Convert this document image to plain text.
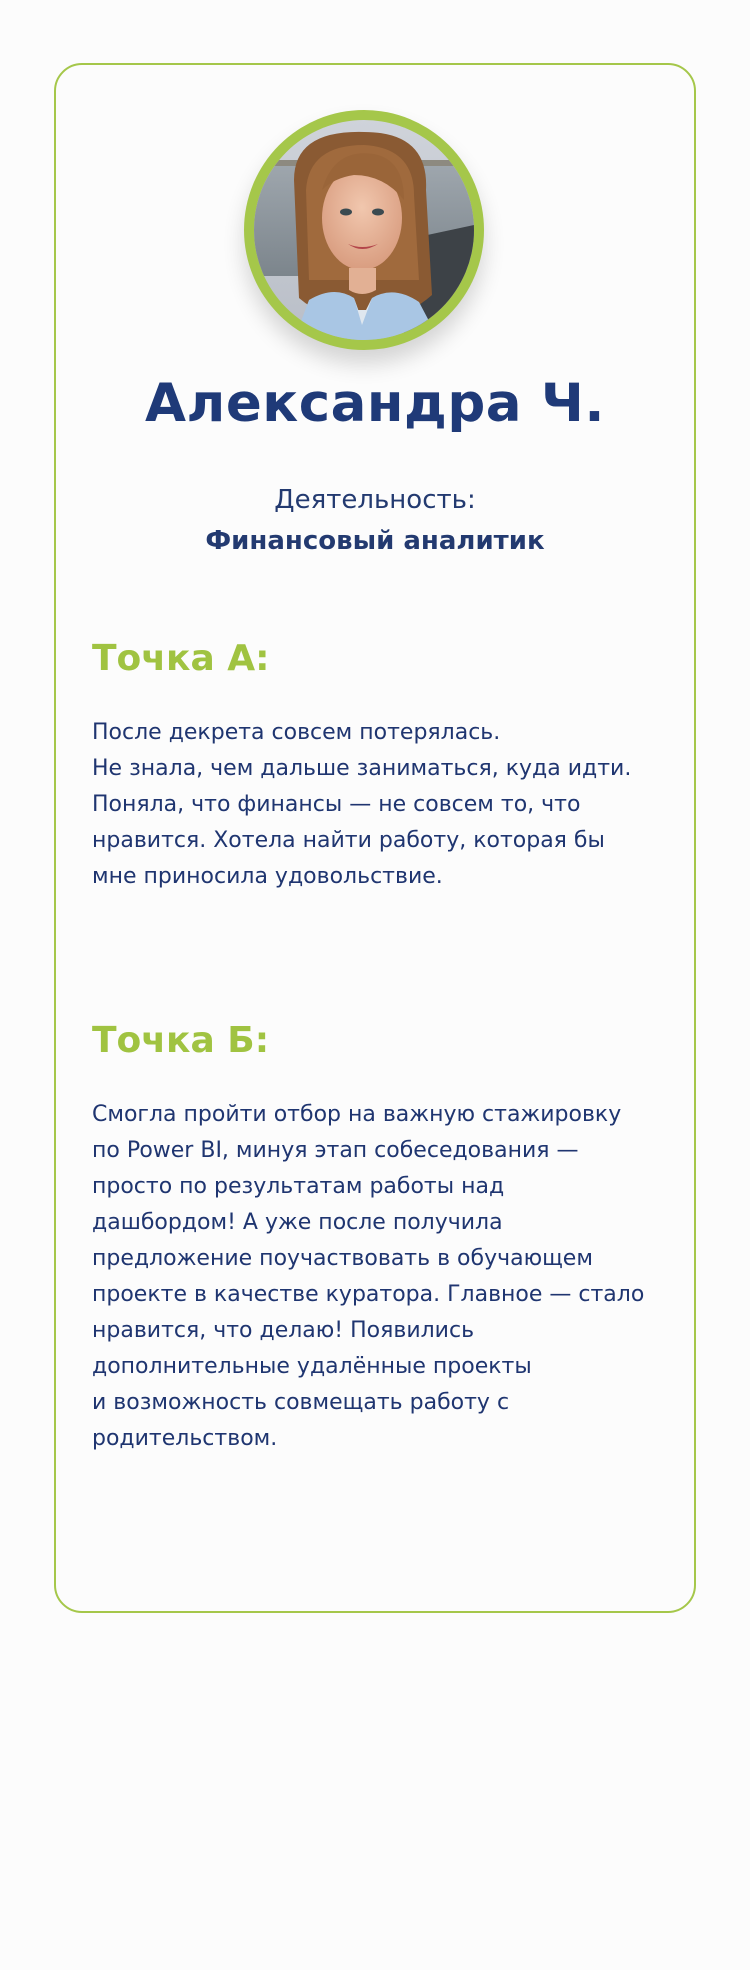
Александра Ч.
Деятельность:
Финансовый аналитик
Точка А:

После декрета совсем потерялась.
Не знала, чем дальше заниматься, куда идти.
Поняла, что финансы — не совсем то, что
нравится. Хотела найти работу, которая бы
мне приносила удовольствие.

Точка Б:

Смогла пройти отбор на важную стажировку
по Power BI, минуя этап собеседования —
просто по результатам работы над
дашбордом! А уже после получила
предложение поучаствовать в обучающем
проекте в качестве куратора. Главное — стало
нравится, что делаю! Появились
дополнительные удалённые проекты
и возможность совмещать работу с
родительством.
